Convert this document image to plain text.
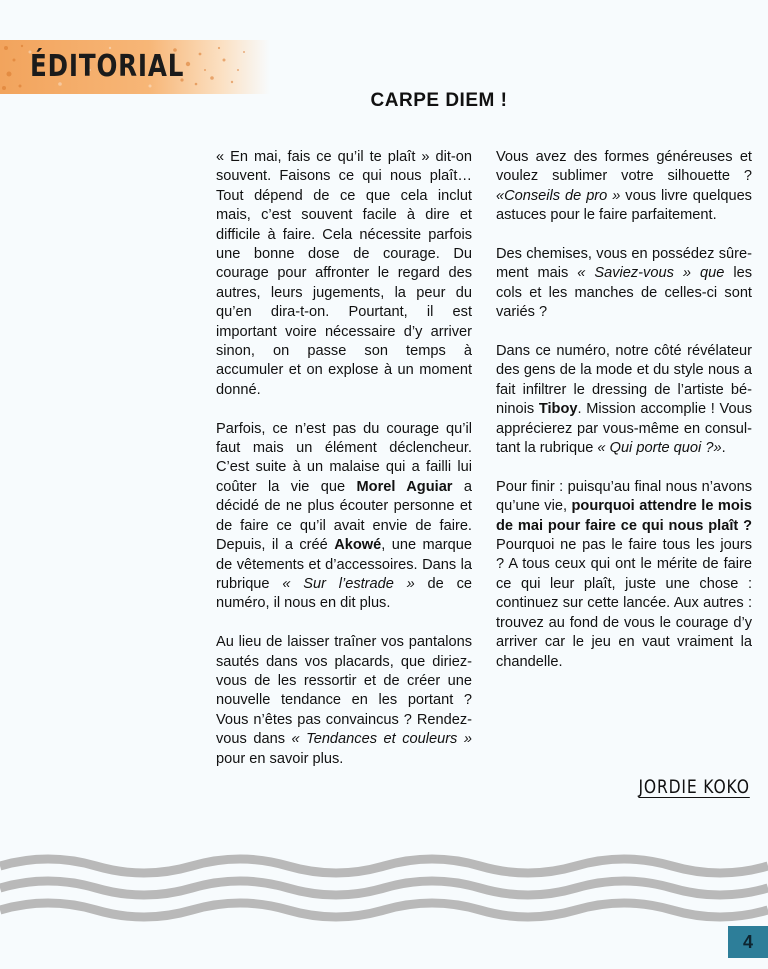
ÉDITORIAL
CARPE DIEM !

« En mai, fais ce qu’il te plaît » dit-on souvent. Faisons ce qui nous plaît… Tout dépend de ce que cela inclut mais, c’est souvent facile à dire et difficile à faire. Cela nécessite parfois une bonne dose de courage. Du courage pour affronter le regard des autres, leurs jugements, la peur du qu’en dira-t-on. Pourtant, il est important voire nécessaire d’y arriver sinon, on passe son temps à accumuler et on explose à un moment donné.

Parfois, ce n’est pas du courage qu’il faut mais un élément déclencheur. C’est suite à un malaise qui a failli lui coûter la vie que Morel Aguiar a décidé de ne plus écouter personne et de faire ce qu’il avait envie de faire. Depuis, il a créé Akowé, une marque de vêtements et d’accessoires. Dans la rubrique « Sur l’estrade » de ce numéro, il nous en dit plus.

Au lieu de laisser traîner vos pantalons sautés dans vos placards, que diriez-vous de les ressortir et de créer une nouvelle tendance en les portant ? Vous n’êtes pas convaincus ? Rendez-vous dans « Tendances et couleurs » pour en savoir plus.

Vous avez des formes généreuses et voulez sublimer votre silhouette ? «Conseils de pro » vous livre quelques astuces pour le faire parfaitement.

Des chemises, vous en possédez sûrement mais « Saviez-vous » que les cols et les manches de celles-ci sont variés ?

Dans ce numéro, notre côté révélateur des gens de la mode et du style nous a fait infiltrer le dressing de l’artiste béninois Tiboy. Mission accomplie ! Vous apprécierez par vous-même en consultant la rubrique « Qui porte quoi ?».

Pour finir : puisqu’au final nous n’avons qu’une vie, pourquoi attendre le mois de mai pour faire ce qui nous plaît ? Pourquoi ne pas le faire tous les jours ? A tous ceux qui ont le mérite de faire ce qui leur plaît, juste une chose : continuez sur cette lancée. Aux autres : trouvez au fond de vous le courage d’y arriver car le jeu en vaut vraiment la chandelle.

JORDIE KOKO
4
